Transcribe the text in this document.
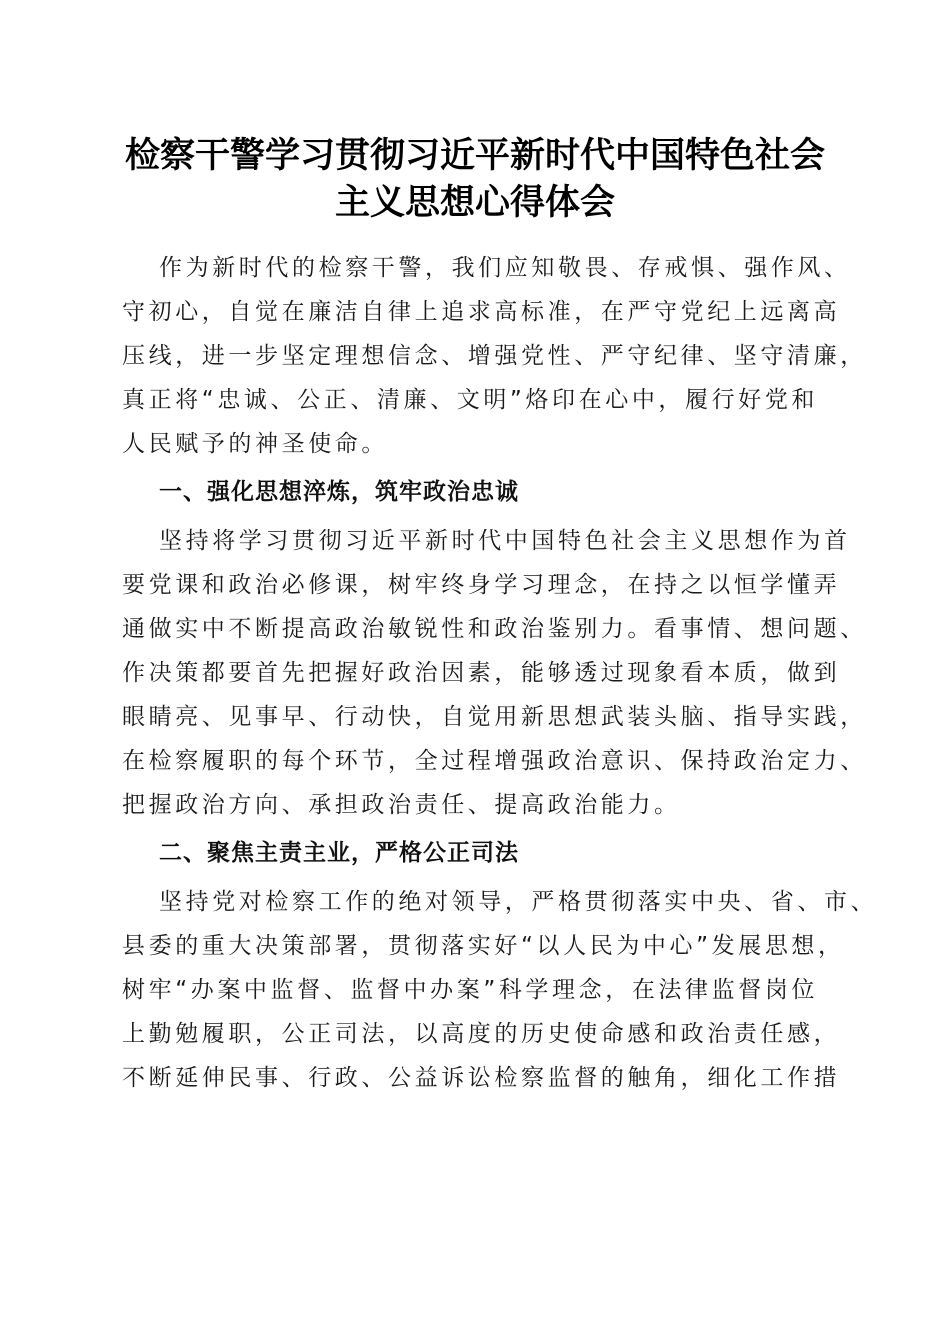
检察干警学习贯彻习近平新时代中国特色社会
主义思想心得体会
作为新时代的检察干警，我们应知敬畏、存戒惧、强作风、
守初心，自觉在廉洁自律上追求高标准，在严守党纪上远离高
压线，进一步坚定理想信念、增强党性、严守纪律、坚守清廉，
真正将“忠诚、公正、清廉、文明”烙印在心中，履行好党和
人民赋予的神圣使命。
一、强化思想淬炼，筑牢政治忠诚
坚持将学习贯彻习近平新时代中国特色社会主义思想作为首
要党课和政治必修课，树牢终身学习理念，在持之以恒学懂弄
通做实中不断提高政治敏锐性和政治鉴别力。看事情、想问题、
作决策都要首先把握好政治因素，能够透过现象看本质，做到
眼睛亮、见事早、行动快，自觉用新思想武装头脑、指导实践，
在检察履职的每个环节，全过程增强政治意识、保持政治定力、
把握政治方向、承担政治责任、提高政治能力。
二、聚焦主责主业，严格公正司法
坚持党对检察工作的绝对领导，严格贯彻落实中央、省、市、
县委的重大决策部署，贯彻落实好“以人民为中心”发展思想，
树牢“办案中监督、监督中办案”科学理念，在法律监督岗位
上勤勉履职，公正司法，以高度的历史使命感和政治责任感，
不断延伸民事、行政、公益诉讼检察监督的触角，细化工作措
